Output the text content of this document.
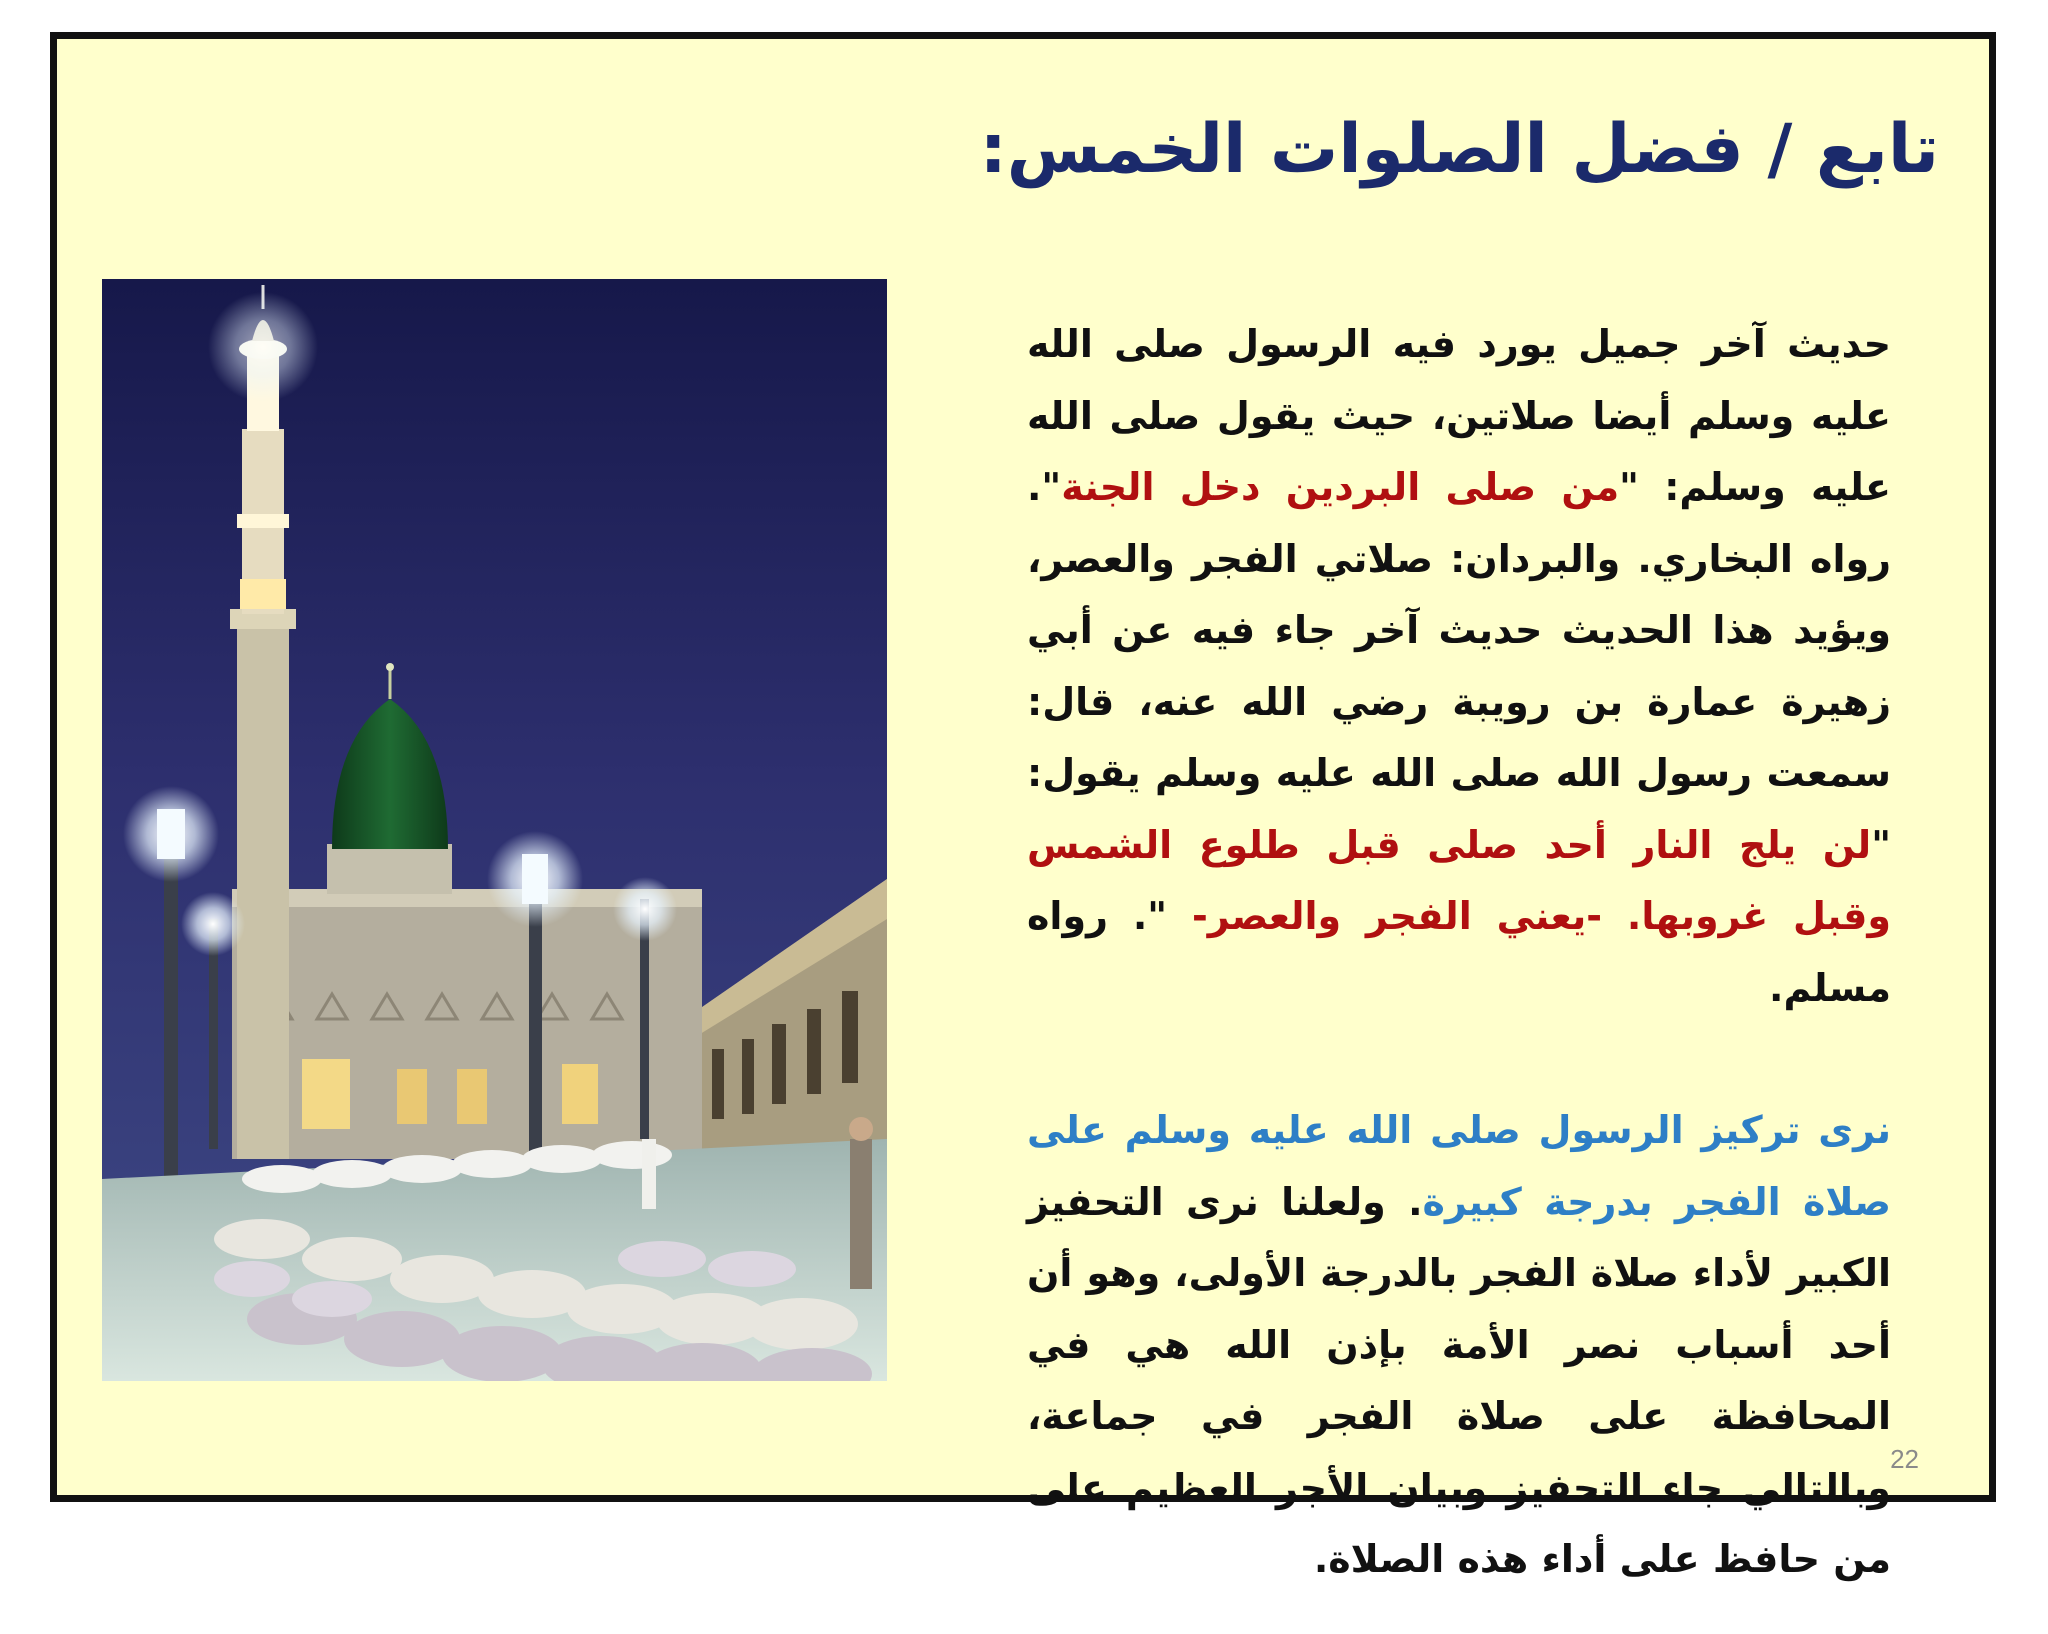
تابع / فضل الصلوات الخمس:

حديث آخر جميل يورد فيه الرسول صلى الله عليه وسلم أيضا صلاتين، حيث يقول صلى الله عليه وسلم: "من صلى البردين دخل الجنة". رواه البخاري. والبردان: صلاتي الفجر والعصر، ويؤيد هذا الحديث حديث آخر جاء فيه عن أبي زهيرة عمارة بن رويبة رضي الله عنه، قال: سمعت رسول الله صلى الله عليه وسلم يقول: "لن يلج النار أحد صلى قبل طلوع الشمس وقبل غروبها. -يعني الفجر والعصر- ". رواه مسلم.

نرى تركيز الرسول صلى الله عليه وسلم على صلاة الفجر بدرجة كبيرة. ولعلنا نرى التحفيز الكبير لأداء صلاة الفجر بالدرجة الأولى، وهو أن أحد أسباب نصر الأمة بإذن الله هي في المحافظة على صلاة الفجر في جماعة، وبالتالي جاء التحفيز وبيان الأجر العظيم على من حافظ على أداء هذه الصلاة.

22
